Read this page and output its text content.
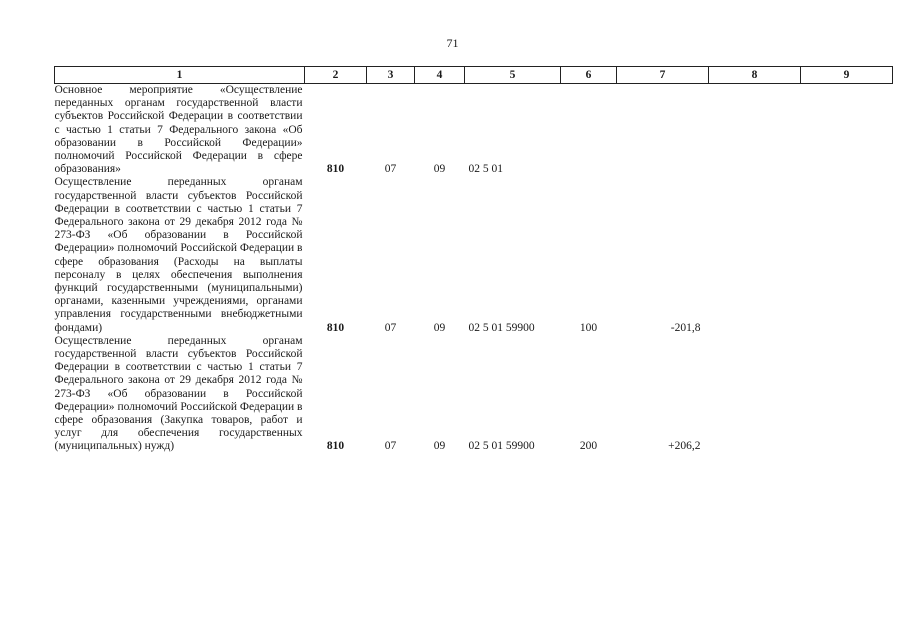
71
1	2	3	4	5	6	7	8	9

Основное мероприятие «Осуществление переданных органам государственной власти субъектов Российской Федерации в соответствии с частью 1 статьи 7 Федерального закона «Об образовании в Российской Федерации» полномочий Российской Федерации в сфере образования»	810	07	09	02 5 01				

Осуществление переданных органам государственной власти субъектов Российской Федерации в соответствии с частью 1 статьи 7 Федерального закона от 29 декабря 2012 года № 273-ФЗ «Об образовании в Российской Федерации» полномочий Российской Федерации в сфере образования (Расходы на выплаты персоналу в целях обеспечения выполнения функций государственными (муниципальными) органами, казенными учреждениями, органами управления государственными внебюджетными фондами)	810	07	09	02 5 01 59900	100	-201,8		

Осуществление переданных органам государственной власти субъектов Российской Федерации в соответствии с частью 1 статьи 7 Федерального закона от 29 декабря 2012 года № 273-ФЗ «Об образовании в Российской Федерации» полномочий Российской Федерации в сфере образования (Закупка товаров, работ и услуг для обеспечения государственных (муниципальных) нужд)	810	07	09	02 5 01 59900	200	+206,2		
